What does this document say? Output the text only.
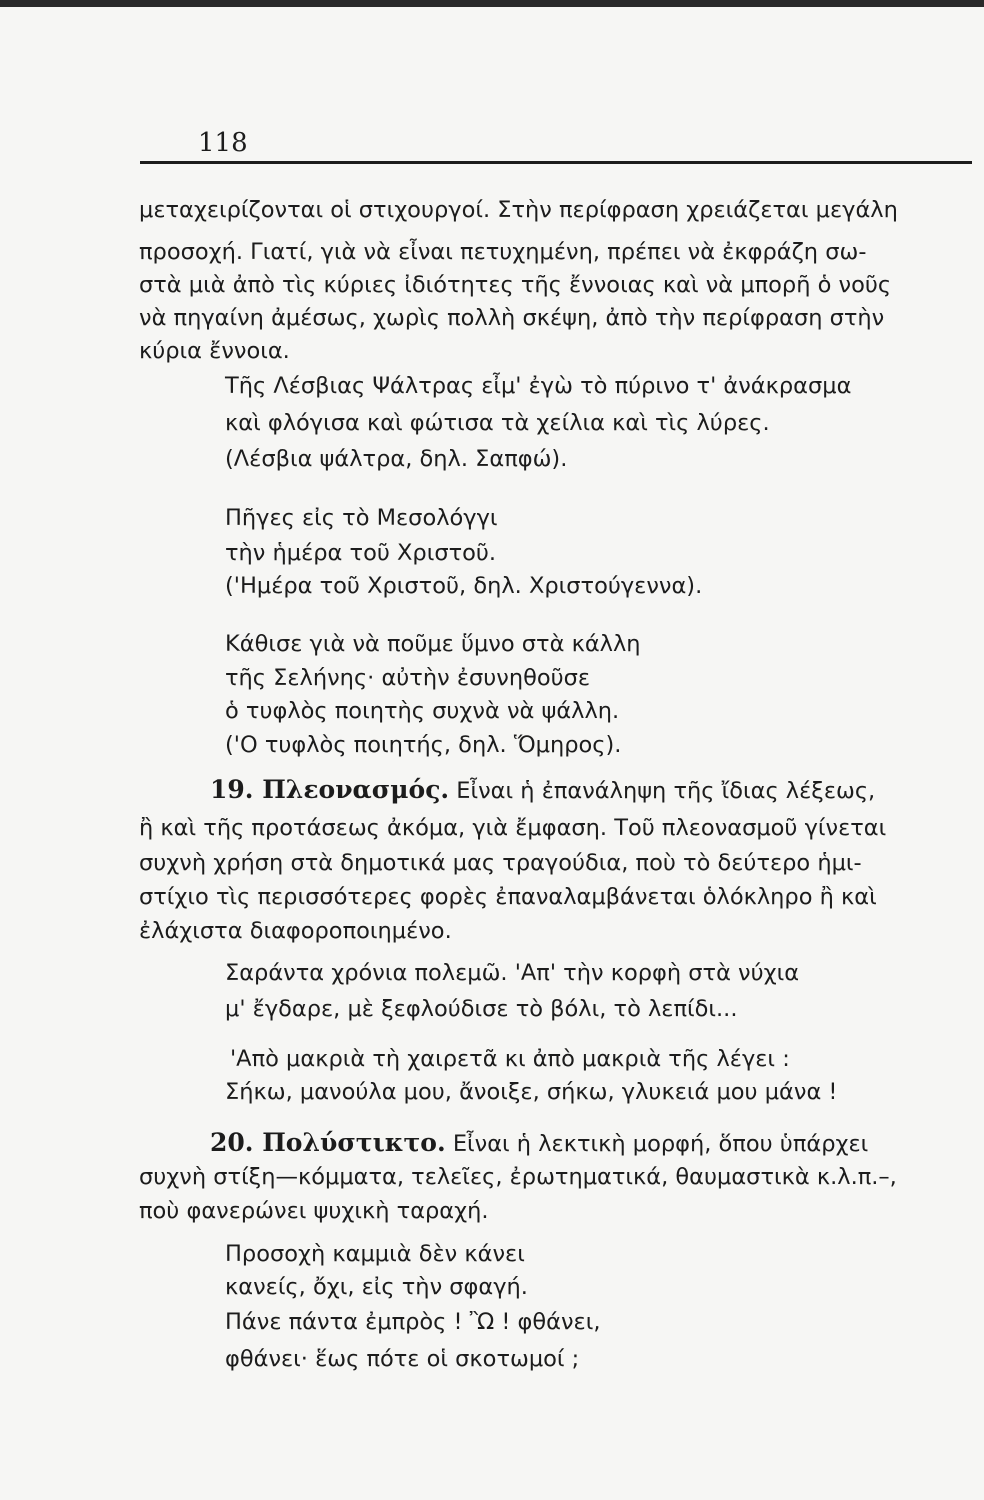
118
μεταχειρίζονται οἱ στιχουργοί. Στὴν περίφραση χρειάζεται μεγάλη
προσοχή. Γιατί, γιὰ νὰ εἶναι πετυχημένη, πρέπει νὰ ἐκφράζη σω-
στὰ μιὰ ἀπὸ τὶς κύριες ἰδιότητες τῆς ἔννοιας καὶ νὰ μπορῆ ὁ νοῦς
νὰ πηγαίνη ἀμέσως, χωρὶς πολλὴ σκέψη, ἀπὸ τὴν περίφραση στὴν
κύρια ἔννοια.
Τῆς Λέσβιας Ψάλτρας εἶμ' ἐγὼ τὸ πύρινο τ' ἀνάκρασμα
καὶ φλόγισα καὶ φώτισα τὰ χείλια καὶ τὶς λύρες.
(Λέσβια ψάλτρα, δηλ. Σαπφώ).
Πῆγες εἰς τὸ Μεσολόγγι
τὴν ἡμέρα τοῦ Χριστοῦ.
('Ημέρα τοῦ Χριστοῦ, δηλ. Χριστούγεννα).
Κάθισε γιὰ νὰ ποῦμε ὕμνο στὰ κάλλη
τῆς Σελήνης· αὐτὴν ἐσυνηθοῦσε
ὁ τυφλὸς ποιητὴς συχνὰ νὰ ψάλλη.
('Ο τυφλὸς ποιητής, δηλ. Ὅμηρος).
19. Πλεονασμός. Εἶναι ἡ ἐπανάληψη τῆς ἴδιας λέξεως,
ἢ καὶ τῆς προτάσεως ἀκόμα, γιὰ ἔμφαση. Τοῦ πλεονασμοῦ γίνεται
συχνὴ χρήση στὰ δημοτικά μας τραγούδια, ποὺ τὸ δεύτερο ἡμι-
στίχιο τὶς περισσότερες φορὲς ἐπαναλαμβάνεται ὁλόκληρο ἢ καὶ
ἐλάχιστα διαφοροποιημένο.
Σαράντα χρόνια πολεμῶ. 'Απ' τὴν κορφὴ στὰ νύχια
μ' ἔγδαρε, μὲ ξεφλούδισε τὸ βόλι, τὸ λεπίδι...
'Απὸ μακριὰ τὴ χαιρετᾶ κι ἀπὸ μακριὰ τῆς λέγει :
Σήκω, μανούλα μου, ἄνοιξε, σήκω, γλυκειά μου μάνα !
20. Πολύστικτο. Εἶναι ἡ λεκτικὴ μορφή, ὅπου ὑπάρχει
συχνὴ στίξη—κόμματα, τελεῖες, ἐρωτηματικά, θαυμαστικὰ κ.λ.π.–,
ποὺ φανερώνει ψυχικὴ ταραχή.
Προσοχὴ καμμιὰ δὲν κάνει
κανείς, ὄχι, εἰς τὴν σφαγή.
Πάνε πάντα ἐμπρὸς ! Ὢ ! φθάνει,
φθάνει· ἕως πότε οἱ σκοτωμοί ;
